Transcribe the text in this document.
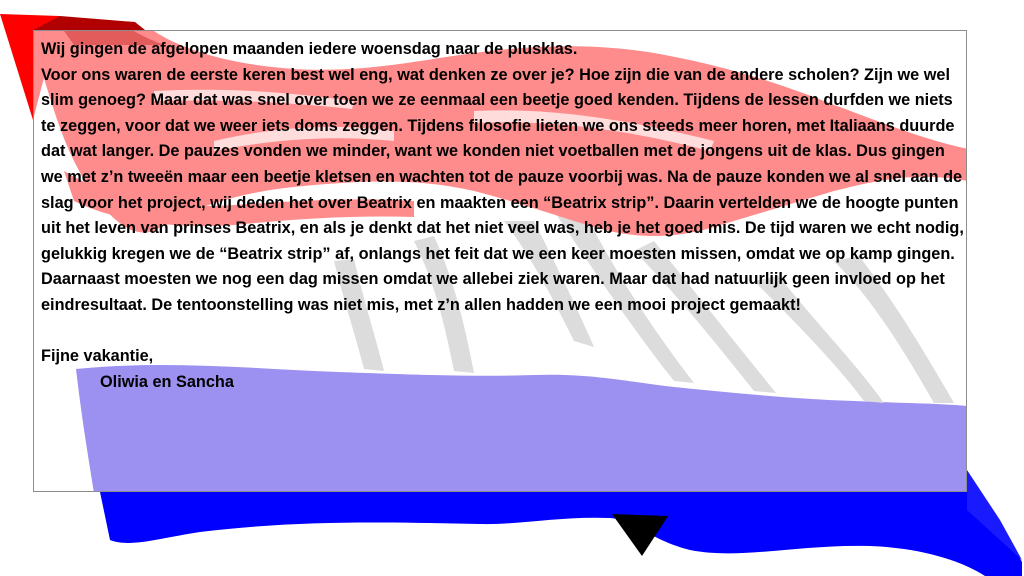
Wij gingen de afgelopen maanden iedere woensdag naar de plusklas.

Voor ons waren de eerste keren best wel eng, wat denken ze over je? Hoe zijn die van de andere scholen? Zijn we wel slim genoeg? Maar dat was snel over toen we ze eenmaal een beetje goed kenden. Tijdens de lessen durfden we niets te zeggen, voor dat we weer iets doms zeggen. Tijdens filosofie lieten we ons steeds meer horen, met Italiaans duurde dat wat langer. De pauzes vonden we minder, want we konden niet voetballen met de jongens uit de klas. Dus gingen we met z’n tweeën maar een beetje kletsen en wachten tot de pauze voorbij was. Na de pauze konden we al snel aan de slag voor het project, wij deden het over Beatrix en maakten een “Beatrix strip”. Daarin vertelden we de hoogte punten uit het leven van prinses Beatrix, en als je denkt dat het niet veel was, heb je het goed mis. De tijd waren we echt nodig, gelukkig kregen we de “Beatrix strip” af, onlangs het feit dat we een keer moesten missen, omdat we op kamp gingen. Daarnaast moesten we nog een dag missen omdat we allebei ziek waren. Maar dat had natuurlijk geen invloed op het eindresultaat. De tentoonstelling was niet mis, met z’n allen hadden we een mooi project gemaakt!

Fijne vakantie,

Oliwia en Sancha
